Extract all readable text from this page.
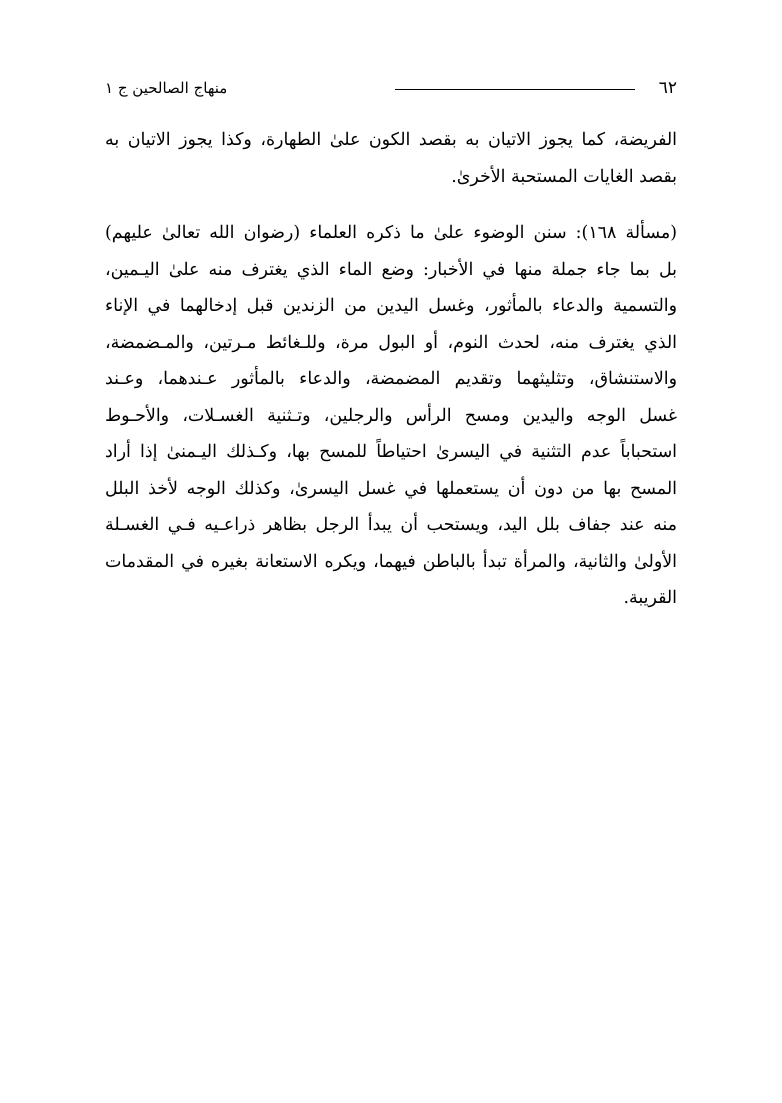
٦٢
منهاج الصالحين ج ١
الفريضة، كما يجوز الاتيان به بقصد الكون علىٰ الطهارة، وكذا يجوز الاتيان به
بقصد الغايات المستحبة الأخرىٰ.
(مسألة ١٦٨): سنن الوضوء علىٰ ما ذكره العلماء (رضوان الله تعالىٰ عليهم)
بل بما جاء جملة منها في الأخبار: وضع الماء الذي يغترف منه علىٰ اليـمين،
والتسمية والدعاء بالمأثور، وغسل اليدين من الزندين قبل إدخالهما في الإناء
الذي يغترف منه، لحدث النوم، أو البول مرة، وللـغائط مـرتين، والمـضمضة،
والاستنشاق، وتثليثهما وتقديم المضمضة، والدعاء بالمأثور عـندهما، وعـند
غسل الوجه واليدين ومسح الرأس والرجلين، وتـثنية الغسـلات، والأحـوط
استحباباً عدم التثنية في اليسرىٰ احتياطاً للمسح بها، وكـذلك اليـمنىٰ إذا أراد
المسح بها من دون أن يستعملها في غسل اليسرىٰ، وكذلك الوجه لأخذ البلل
منه عند جفاف بلل اليد، ويستحب أن يبدأ الرجل بظاهر ذراعـيه فـي الغسـلة
الأولىٰ والثانية، والمرأة تبدأ بالباطن فيهما، ويكره الاستعانة بغيره في المقدمات
القريبة.
